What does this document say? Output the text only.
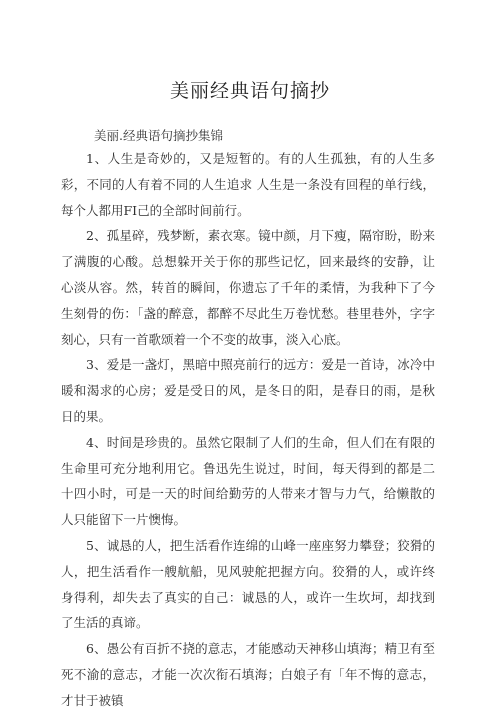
美丽经典语句摘抄
美丽.经典语句摘抄集锦

1、人生是奇妙的，又是短暂的。有的人生孤独，有的人生多彩，不同的人有着不同的人生追求 人生是一条没有回程的单行线，每个人都用FI己的全部时间前行。

2、孤星碎，残梦断，素衣寒。镜中颜，月下瘦，隔帘盼，盼来了满腹的心酸。总想躲开关于你的那些记忆，回来最终的安静，让心淡从容。然，转首的瞬间，你遗忘了千年的柔情，为我种下了今生刻骨的伤：「盏的醉意，都醉不尽此生万卷忧愁。巷里巷外，字字刻心，只有一首歌颂着一个不变的故事，淡入心底。

3、爱是一盏灯，黑暗中照亮前行的远方：爱是一首诗，冰冷中暖和渴求的心房；爱是受日的风，是冬日的阳，是春日的雨，是秋日的果。

4、时间是珍贵的。虽然它限制了人们的生命，但人们在有限的生命里可充分地利用它。鲁迅先生说过，时间，每天得到的都是二十四小时，可是一天的时间给勤劳的人带来才智与力气，给懒散的人只能留下一片懊悔。

5、诚恳的人，把生活看作连绵的山峰一座座努力攀登；狡猾的人，把生活看作一艘航船，见风驶舵把握方向。狡猾的人，或许终身得利，却失去了真实的自己：诚恳的人，或许一生坎坷，却找到了生活的真谛。

6、愚公有百折不挠的意志，才能感动天神移山填海；精卫有至死不渝的意志，才能一次次衔石填海；白娘子有「年不悔的意志，才甘于被镇
